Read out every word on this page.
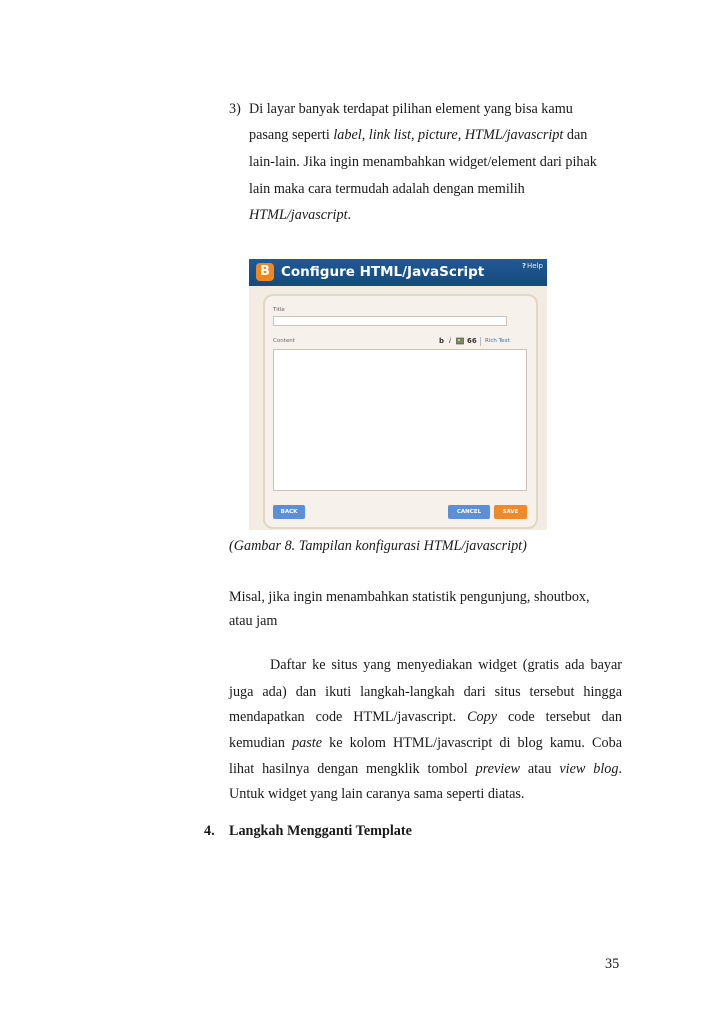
3) Di layar banyak terdapat pilihan element yang bisa kamu
pasang seperti label, link list, picture, HTML/javascript dan
lain-lain. Jika ingin menambahkan widget/element dari pihak
lain maka cara termudah adalah dengan memilih
HTML/javascript.
B Configure HTML/JavaScript	?Help
Title
Content	b i 66 Rich Text
BACK	CANCEL	SAVE
(Gambar 8. Tampilan konfigurasi HTML/javascript)
Misal, jika ingin menambahkan statistik pengunjung, shoutbox,
atau jam
Daftar ke situs yang menyediakan widget (gratis ada bayar
juga ada) dan ikuti langkah-langkah dari situs tersebut hingga
mendapatkan code HTML/javascript. Copy code tersebut dan
kemudian paste ke kolom HTML/javascript di blog kamu. Coba
lihat hasilnya dengan mengklik tombol preview atau view blog.
Untuk widget yang lain caranya sama seperti diatas.
4. Langkah Mengganti Template
35
